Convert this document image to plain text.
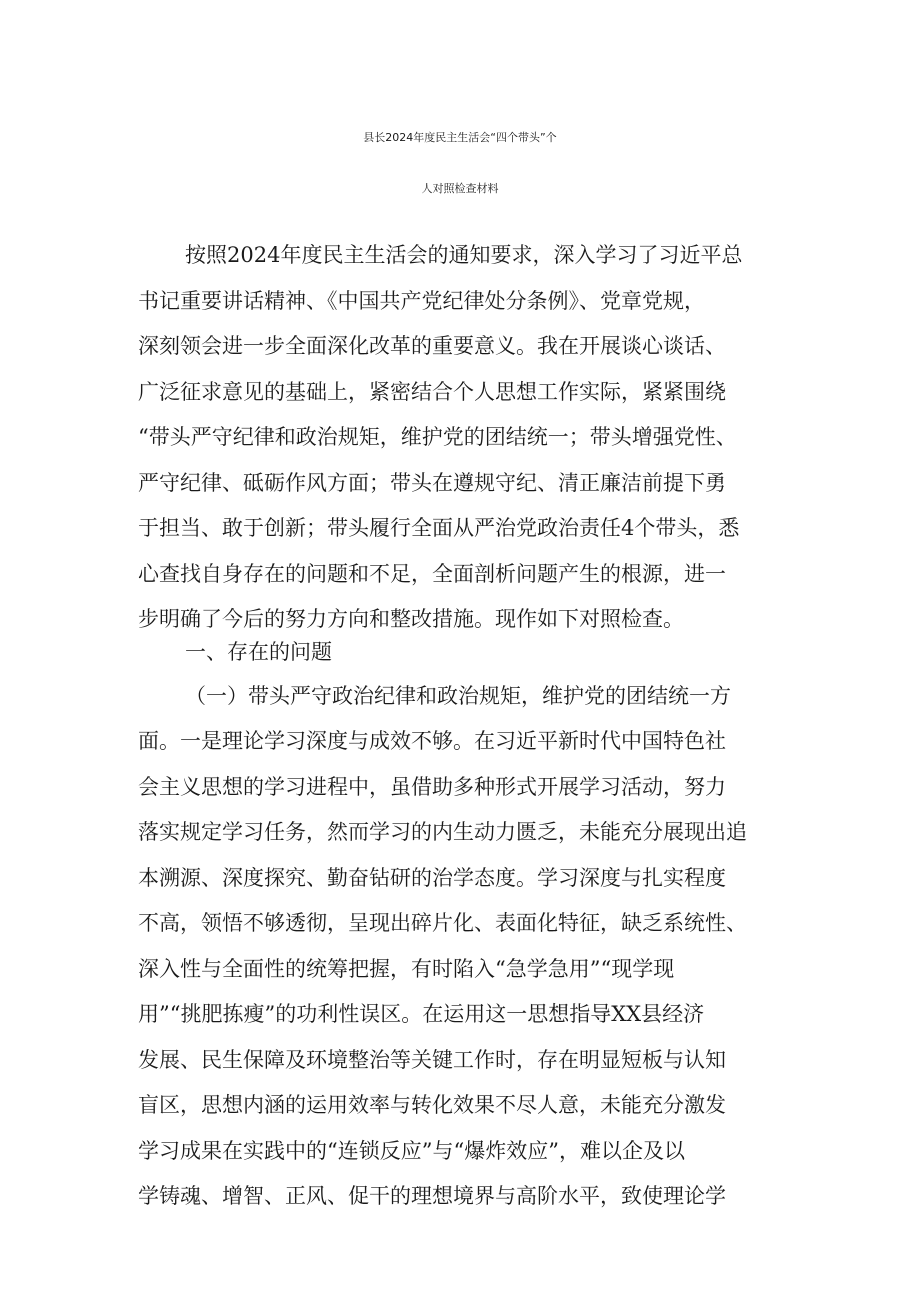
县长2024年度民主生活会“四个带头”个
人对照检查材料
按照2024年度民主生活会的通知要求，深入学习了习近平总
书记重要讲话精神、《中国共产党纪律处分条例》、党章党规，
深刻领会进一步全面深化改革的重要意义。我在开展谈心谈话、
广泛征求意见的基础上，紧密结合个人思想工作实际，紧紧围绕
“带头严守纪律和政治规矩，维护党的团结统一；带头增强党性、
严守纪律、砥砺作风方面；带头在遵规守纪、清正廉洁前提下勇
于担当、敢于创新；带头履行全面从严治党政治责任4个带头，悉
心查找自身存在的问题和不足，全面剖析问题产生的根源，进一
步明确了今后的努力方向和整改措施。现作如下对照检查。
一、存在的问题
（一）带头严守政治纪律和政治规矩，维护党的团结统一方
面。一是理论学习深度与成效不够。在习近平新时代中国特色社
会主义思想的学习进程中，虽借助多种形式开展学习活动，努力
落实规定学习任务，然而学习的内生动力匮乏，未能充分展现出追
本溯源、深度探究、勤奋钻研的治学态度。学习深度与扎实程度
不高，领悟不够透彻，呈现出碎片化、表面化特征，缺乏系统性、
深入性与全面性的统筹把握，有时陷入“急学急用”“现学现
用”“挑肥拣瘦”的功利性误区。在运用这一思想指导XX县经济
发展、民生保障及环境整治等关键工作时，存在明显短板与认知
盲区，思想内涵的运用效率与转化效果不尽人意，未能充分激发
学习成果在实践中的“连锁反应”与“爆炸效应”，难以企及以
学铸魂、增智、正风、促干的理想境界与高阶水平，致使理论学
